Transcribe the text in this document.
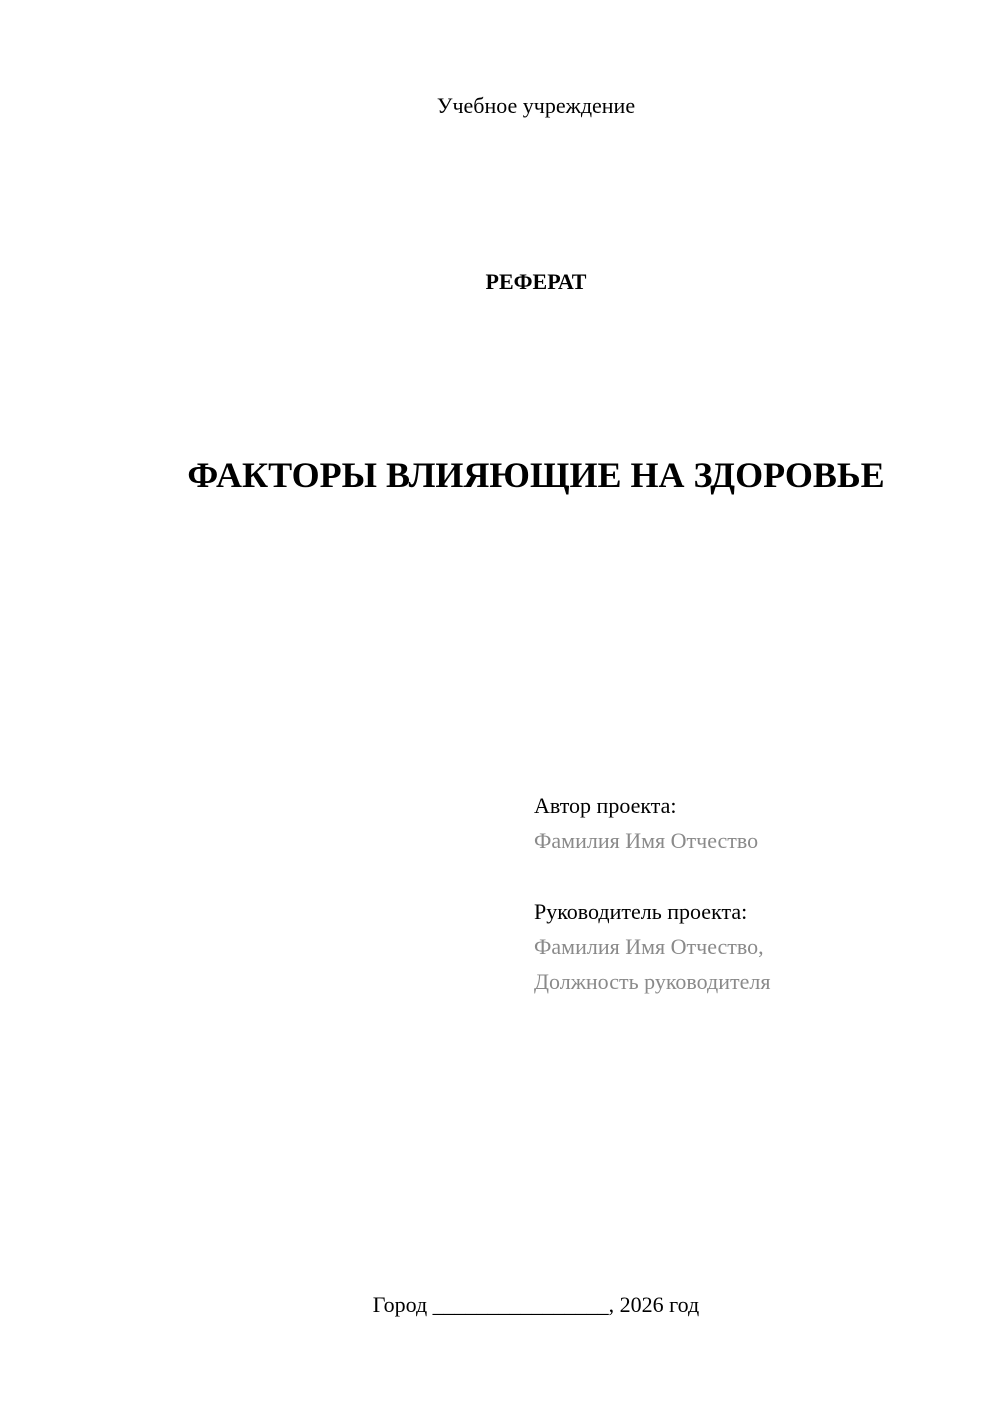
Учебное учреждение
РЕФЕРАТ
ФАКТОРЫ ВЛИЯЮЩИЕ НА ЗДОРОВЬЕ
Автор проекта:
Фамилия Имя Отчество
Руководитель проекта:
Фамилия Имя Отчество,
Должность руководителя
Город ________________, 2026 год
